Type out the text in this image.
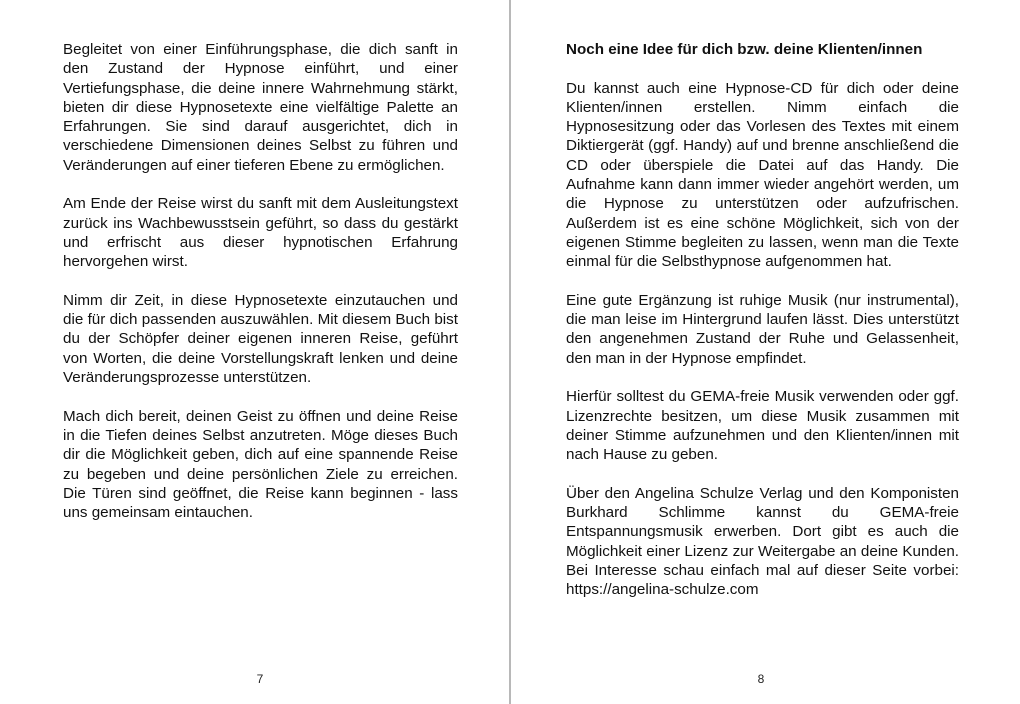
Begleitet von einer Einführungsphase, die dich sanft in den Zustand der Hypnose einführt, und einer Vertiefungsphase, die deine innere Wahrnehmung stärkt, bieten dir diese Hypnosetexte eine vielfältige Palette an Erfahrungen. Sie sind darauf ausgerichtet, dich in verschiedene Dimensionen deines Selbst zu führen und Veränderungen auf einer tieferen Ebene zu ermöglichen.

Am Ende der Reise wirst du sanft mit dem Ausleitungstext zurück ins Wachbewusstsein geführt, so dass du gestärkt und erfrischt aus dieser hypnotischen Erfahrung hervorgehen wirst.

Nimm dir Zeit, in diese Hypnosetexte einzutauchen und die für dich passenden auszuwählen. Mit diesem Buch bist du der Schöpfer deiner eigenen inneren Reise, geführt von Worten, die deine Vorstellungskraft lenken und deine Veränderungsprozesse unterstützen.

Mach dich bereit, deinen Geist zu öffnen und deine Reise in die Tiefen deines Selbst anzutreten. Möge dieses Buch dir die Möglichkeit geben, dich auf eine spannende Reise zu begeben und deine persönlichen Ziele zu erreichen. Die Türen sind geöffnet, die Reise kann beginnen - lass uns gemeinsam eintauchen.

7
Noch eine Idee für dich bzw. deine Klienten/innen

Du kannst auch eine Hypnose-CD für dich oder deine Klienten/innen erstellen. Nimm einfach die Hypnosesitzung oder das Vorlesen des Textes mit einem Diktiergerät (ggf. Handy) auf und brenne anschließend die CD oder überspiele die Datei auf das Handy. Die Aufnahme kann dann immer wieder angehört werden, um die Hypnose zu unterstützen oder aufzufrischen. Außerdem ist es eine schöne Möglichkeit, sich von der eigenen Stimme begleiten zu lassen, wenn man die Texte einmal für die Selbsthypnose aufgenommen hat.

Eine gute Ergänzung ist ruhige Musik (nur instrumental), die man leise im Hintergrund laufen lässt. Dies unterstützt den angenehmen Zustand der Ruhe und Gelassenheit, den man in der Hypnose empfindet.

Hierfür solltest du GEMA-freie Musik verwenden oder ggf. Lizenzrechte besitzen, um diese Musik zusammen mit deiner Stimme aufzunehmen und den Klienten/innen mit nach Hause zu geben.

Über den Angelina Schulze Verlag und den Komponisten Burkhard Schlimme kannst du GEMA-freie Entspannungsmusik erwerben. Dort gibt es auch die Möglichkeit einer Lizenz zur Weitergabe an deine Kunden. Bei Interesse schau einfach mal auf dieser Seite vorbei: https://angelina-schulze.com

8
